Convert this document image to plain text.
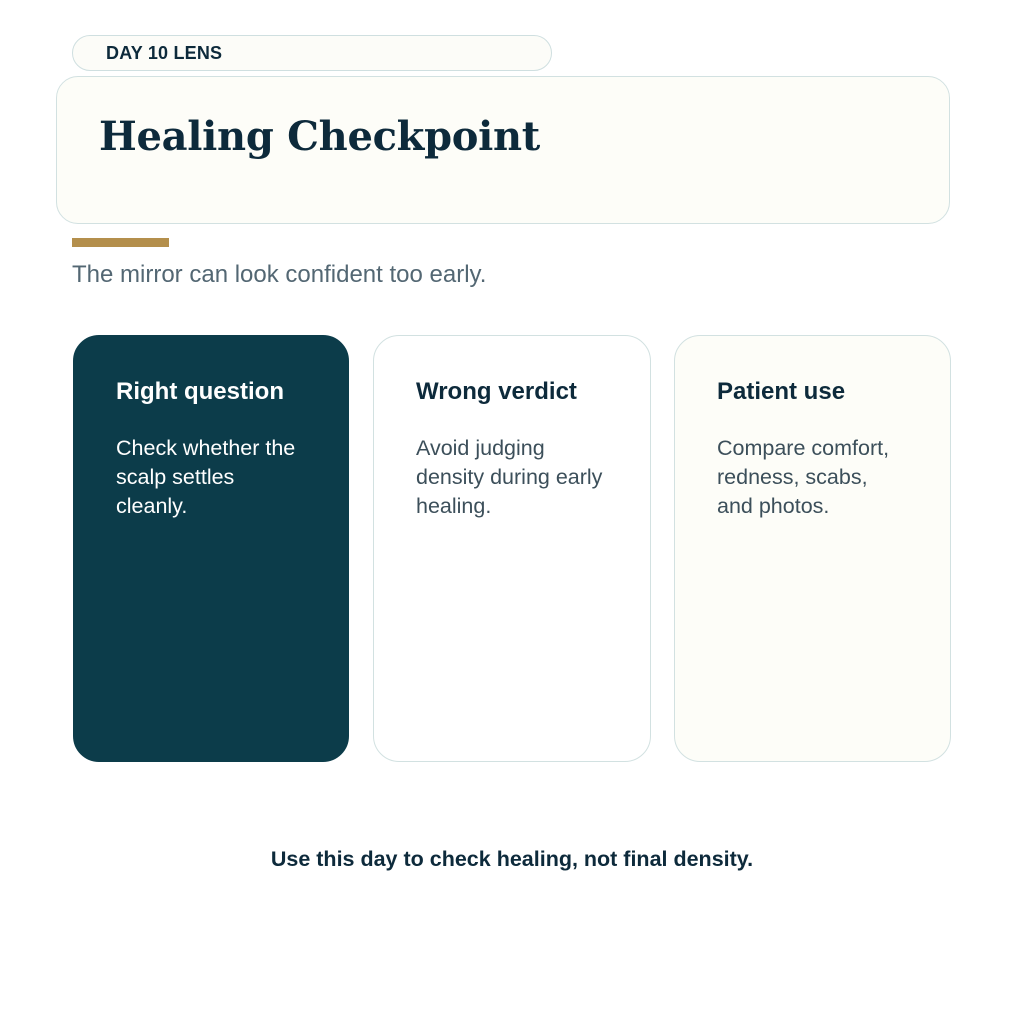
DAY 10 LENS
Healing Checkpoint
The mirror can look confident too early.
Right question

Check whether the scalp settles cleanly.

Wrong verdict

Avoid judging density during early healing.

Patient use

Compare comfort, redness, scabs, and photos.

Use this day to check healing, not final density.
